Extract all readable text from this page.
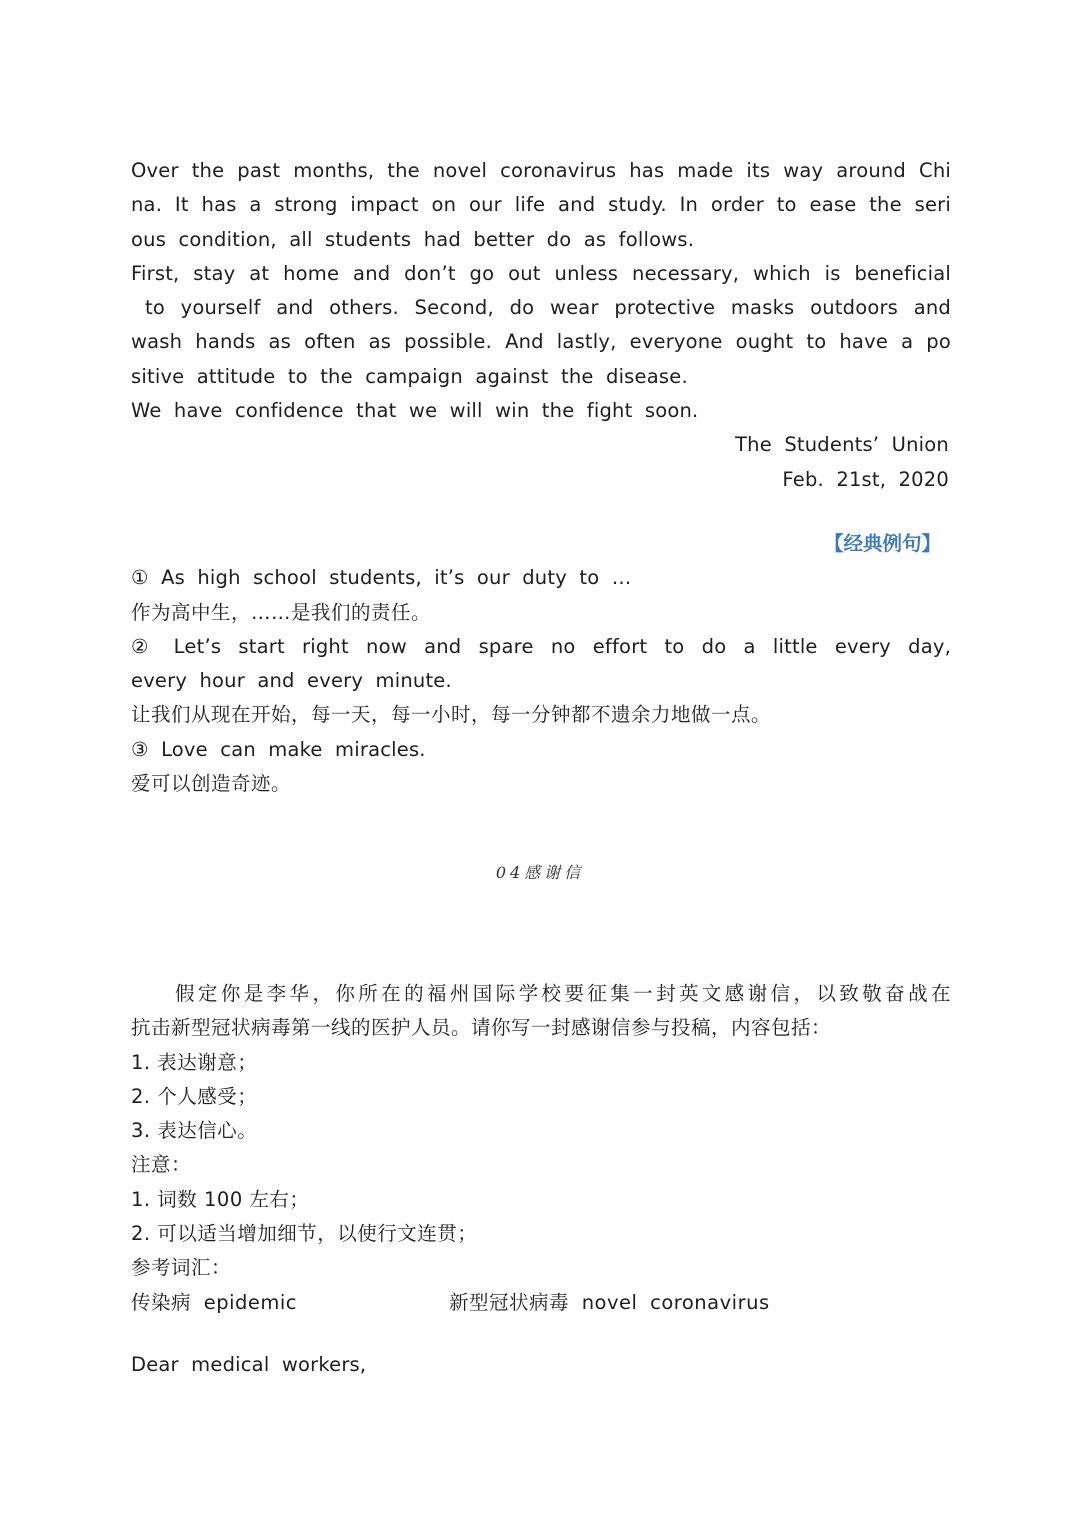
Over the past months, the novel coronavirus has made its way around Chi
na. It has a strong impact on our life and study. In order to ease the seri
ous condition, all students had better do as follows.
First, stay at home and don’t go out unless necessary, which is beneficial
to yourself and others. Second, do wear protective masks outdoors and
wash hands as often as possible. And lastly, everyone ought to have a po
sitive attitude to the campaign against the disease.
We have confidence that we will win the fight soon.
The Students’ Union
Feb. 21st, 2020
【经典例句】
① As high school students, it’s our duty to …
作为高中生，……是我们的责任。
② Let’s start right now and spare no effort to do a little every day,
every hour and every minute.
让我们从现在开始，每一天，每一小时，每一分钟都不遗余力地做一点。
③ Love can make miracles.
爱可以创造奇迹。
04感谢信
假定你是李华，你所在的福州国际学校要征集一封英文感谢信，以致敬奋战在
抗击新型冠状病毒第一线的医护人员。请你写一封感谢信参与投稿，内容包括：
1. 表达谢意；
2. 个人感受；
3. 表达信心。
注意：
1. 词数 100 左右；
2. 可以适当增加细节，以使行文连贯；
参考词汇：
传染病 epidemic	新型冠状病毒 novel coronavirus
Dear medical workers,
